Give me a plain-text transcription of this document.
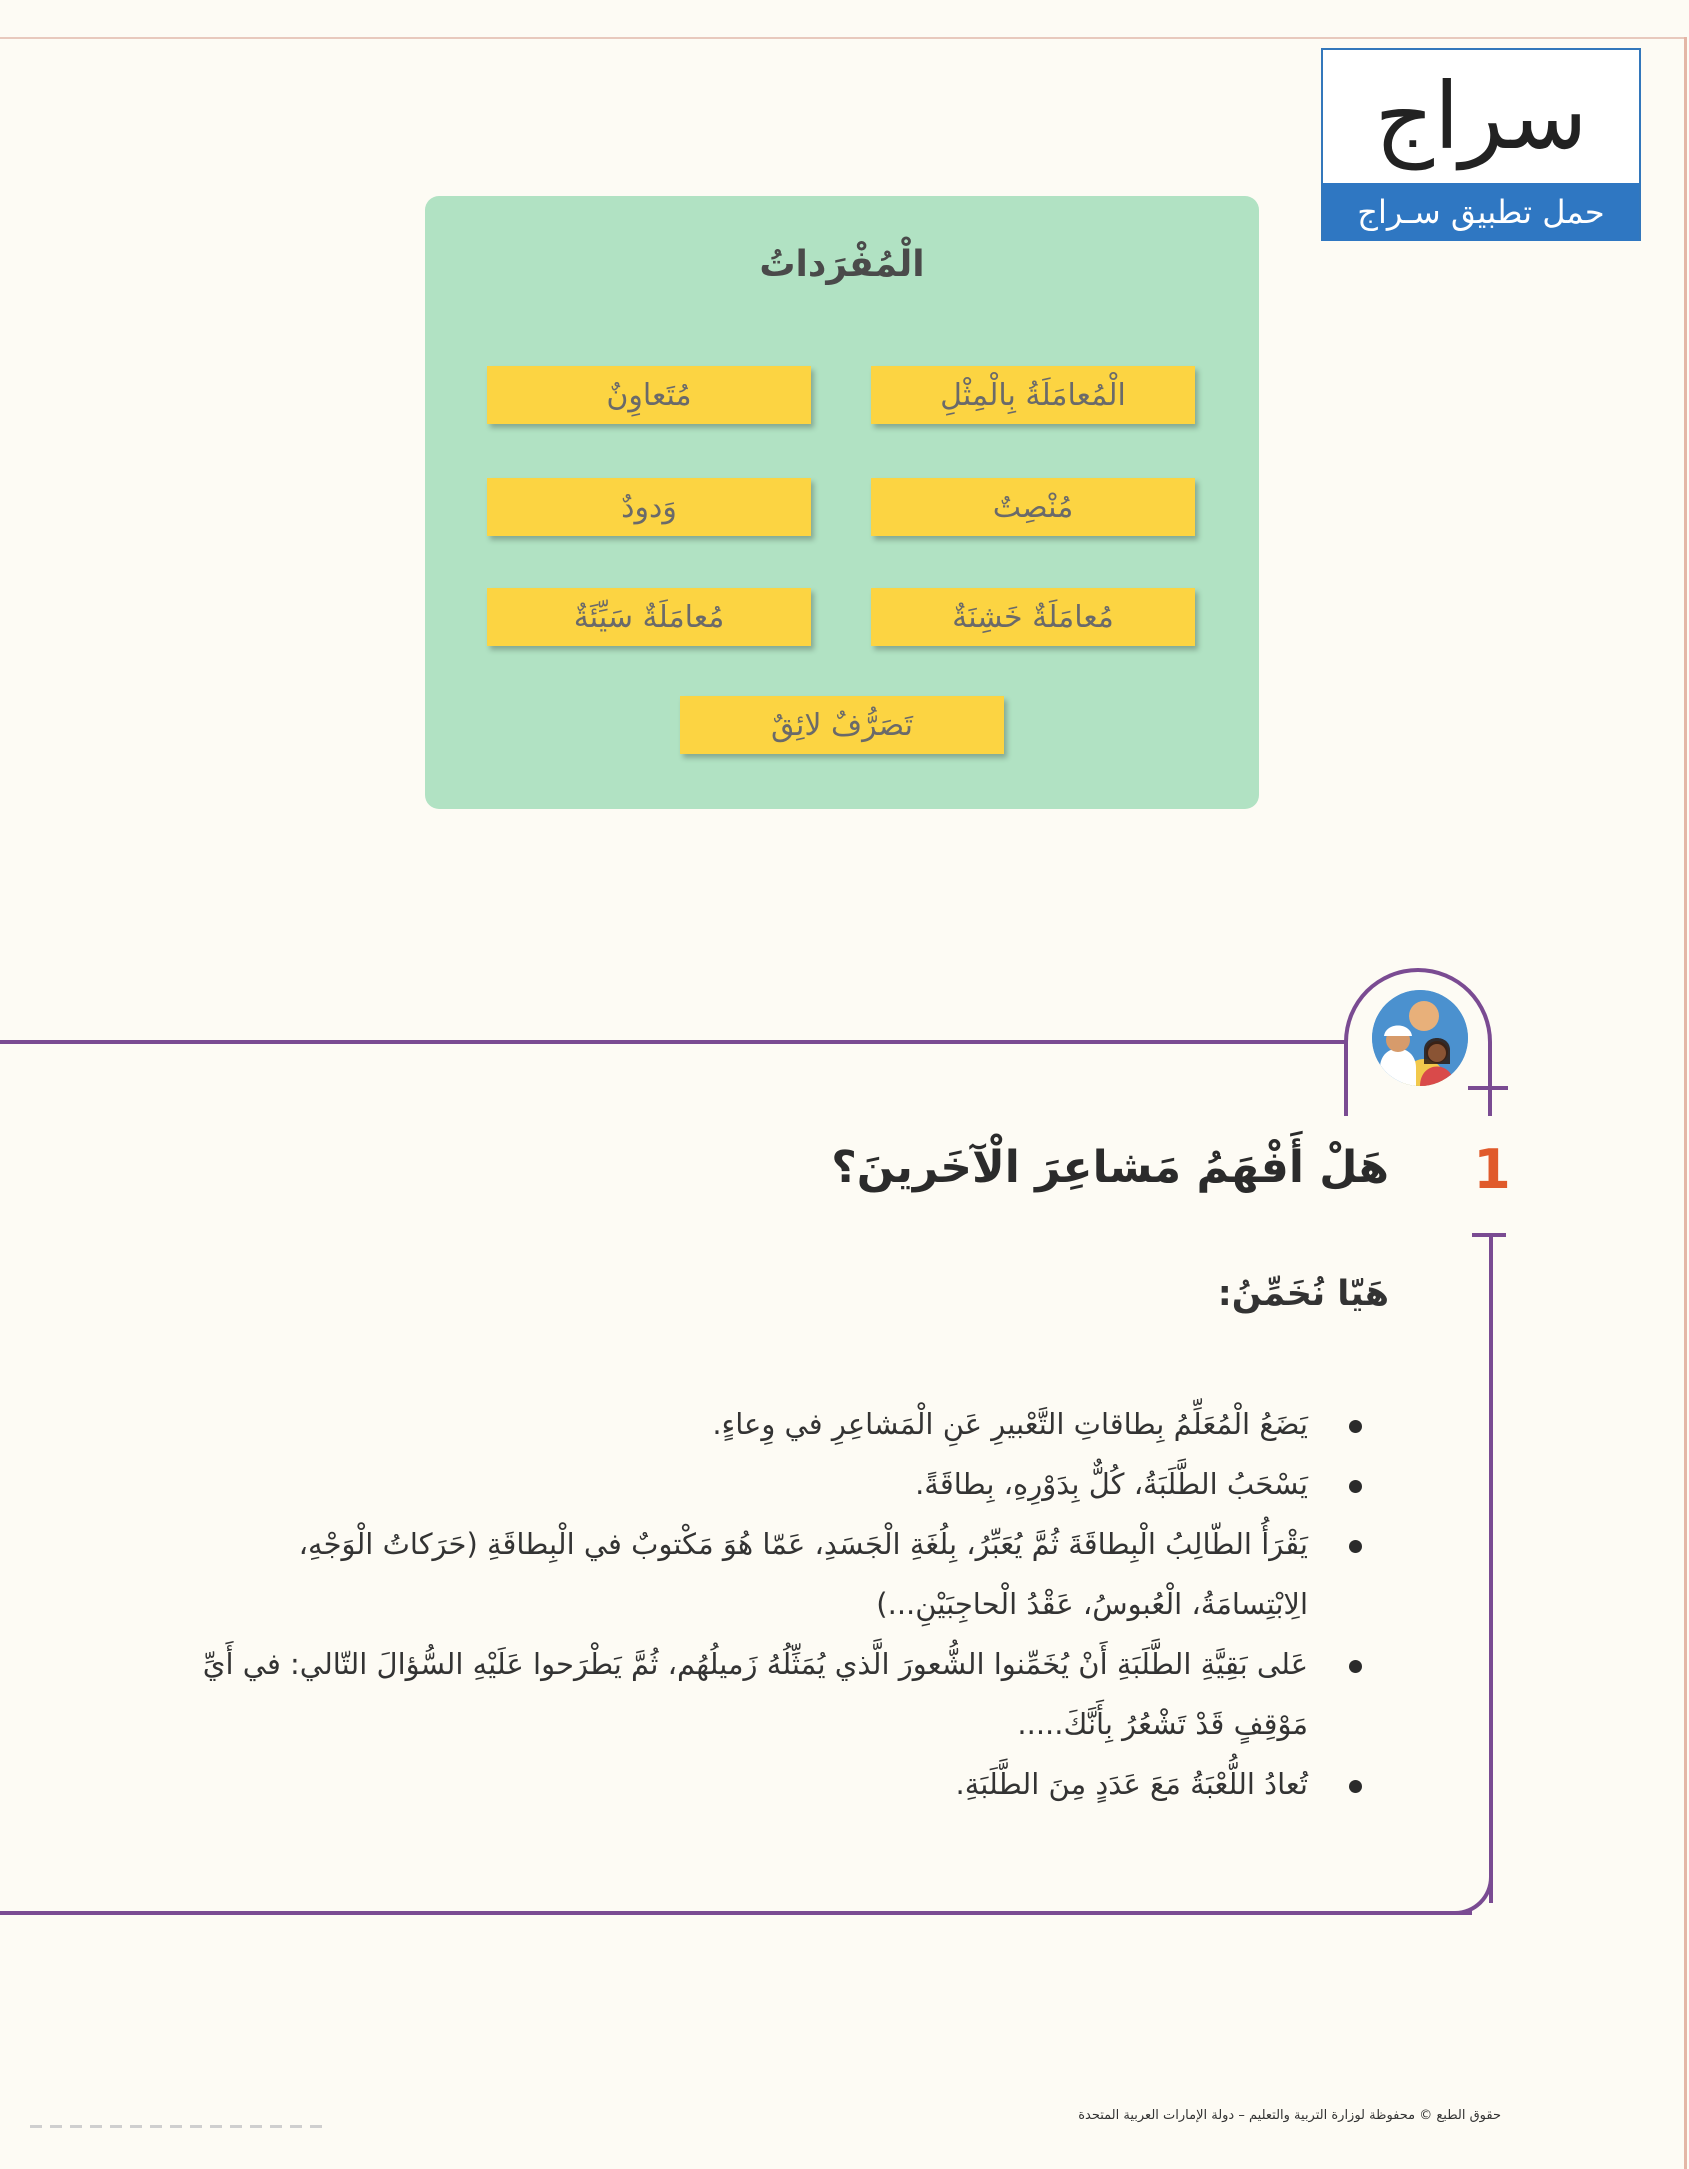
سراج
حمل تطبيق سـراج
الْمُفْرَداتُ
الْمُعامَلَةُ بِالْمِثْلِ
مُتَعاوِنٌ
مُنْصِتٌ
وَدودٌ
مُعامَلَةٌ خَشِنَةٌ
مُعامَلَةٌ سَيِّئَةٌ
تَصَرُّفٌ لائِقٌ
1
هَلْ أَفْهَمُ مَشاعِرَ الْآخَرينَ؟
هَيّا نُخَمِّنُ:
يَضَعُ الْمُعَلِّمُ بِطاقاتِ التَّعْبيرِ عَنِ الْمَشاعِرِ في وِعاءٍ.
يَسْحَبُ الطَّلَبَةُ، كُلٌّ بِدَوْرِهِ، بِطاقَةً.
يَقْرَأُ الطّالِبُ الْبِطاقَةَ ثُمَّ يُعَبِّرُ، بِلُغَةِ الْجَسَدِ، عَمّا هُوَ مَكْتوبٌ في الْبِطاقَةِ (حَرَكاتُ الْوَجْهِ، الِابْتِسامَةُ، الْعُبوسُ، عَقْدُ الْحاجِبَيْنِ...)
عَلى بَقِيَّةِ الطَّلَبَةِ أَنْ يُخَمِّنوا الشُّعورَ الَّذي يُمَثِّلُهُ زَميلُهُم، ثُمَّ يَطْرَحوا عَلَيْهِ السُّؤالَ التّالي: في أَيِّ مَوْقِفٍ قَدْ تَشْعُرُ بِأَنَّكَ.....
تُعادُ اللُّعْبَةُ مَعَ عَدَدٍ مِنَ الطَّلَبَةِ.
حقوق الطبع © محفوظة لوزارة التربية والتعليم – دولة الإمارات العربية المتحدة
